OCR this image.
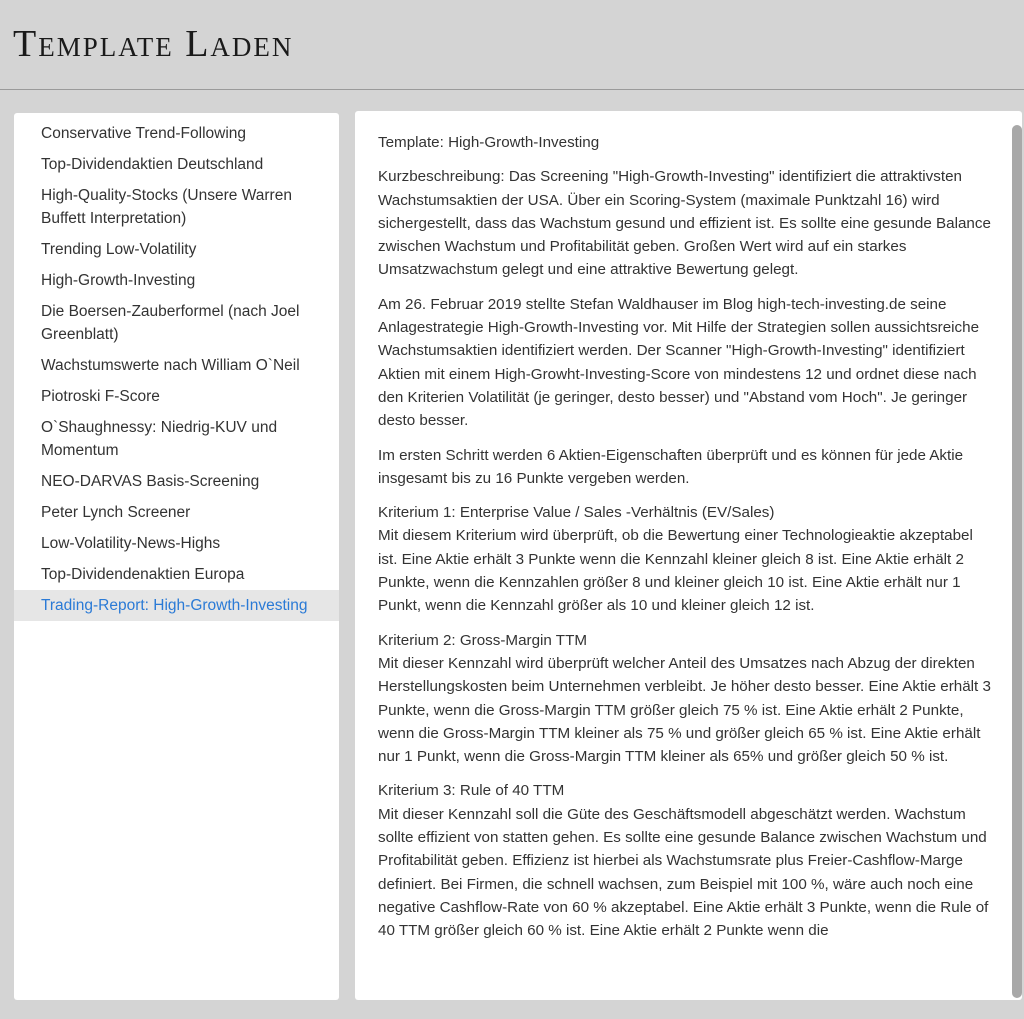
Template Laden
Conservative Trend-Following
Top-Dividendaktien Deutschland
High-Quality-Stocks (Unsere Warren Buffett Interpretation)
Trending Low-Volatility
High-Growth-Investing
Die Boersen-Zauberformel (nach Joel Greenblatt)
Wachstumswerte nach William O`Neil
Piotroski F-Score
O`Shaughnessy: Niedrig-KUV und Momentum
NEO-DARVAS Basis-Screening
Peter Lynch Screener
Low-Volatility-News-Highs
Top-Dividendenaktien Europa
Trading-Report: High-Growth-Investing

Template: High-Growth-Investing

Kurzbeschreibung: Das Screening "High-Growth-Investing" identifiziert die attraktivsten Wachstumsaktien der USA. Über ein Scoring-System (maximale Punktzahl 16) wird sichergestellt, dass das Wachstum gesund und effizient ist. Es sollte eine gesunde Balance zwischen Wachstum und Profitabilität geben. Großen Wert wird auf ein starkes Umsatzwachstum gelegt und eine attraktive Bewertung gelegt.

Am 26. Februar 2019 stellte Stefan Waldhauser im Blog high-tech-investing.de seine Anlagestrategie High-Growth-Investing vor. Mit Hilfe der Strategien sollen aussichtsreiche Wachstumsaktien identifiziert werden. Der Scanner "High-Growth-Investing" identifiziert Aktien mit einem High-Growht-Investing-Score von mindestens 12 und ordnet diese nach den Kriterien Volatilität (je geringer, desto besser) und "Abstand vom Hoch". Je geringer desto besser.

Im ersten Schritt werden 6 Aktien-Eigenschaften überprüft und es können für jede Aktie insgesamt bis zu 16 Punkte vergeben werden.

Kriterium 1: Enterprise Value / Sales -Verhältnis (EV/Sales)
Mit diesem Kriterium wird überprüft, ob die Bewertung einer Technologieaktie akzeptabel ist. Eine Aktie erhält 3 Punkte wenn die Kennzahl kleiner gleich 8 ist. Eine Aktie erhält 2 Punkte, wenn die Kennzahlen größer 8 und kleiner gleich 10 ist. Eine Aktie erhält nur 1 Punkt, wenn die Kennzahl größer als 10 und kleiner gleich 12 ist.

Kriterium 2: Gross-Margin TTM
Mit dieser Kennzahl wird überprüft welcher Anteil des Umsatzes nach Abzug der direkten Herstellungskosten beim Unternehmen verbleibt. Je höher desto besser. Eine Aktie erhält 3 Punkte, wenn die Gross-Margin TTM größer gleich 75 % ist. Eine Aktie erhält 2 Punkte, wenn die Gross-Margin TTM kleiner als 75 % und größer gleich 65 % ist. Eine Aktie erhält nur 1 Punkt, wenn die Gross-Margin TTM kleiner als 65% und größer gleich 50 % ist.

Kriterium 3: Rule of 40 TTM
Mit dieser Kennzahl soll die Güte des Geschäftsmodell abgeschätzt werden. Wachstum sollte effizient von statten gehen. Es sollte eine gesunde Balance zwischen Wachstum und Profitabilität geben. Effizienz ist hierbei als Wachstumsrate plus Freier-Cashflow-Marge definiert. Bei Firmen, die schnell wachsen, zum Beispiel mit 100 %, wäre auch noch eine negative Cashflow-Rate von 60 % akzeptabel. Eine Aktie erhält 3 Punkte, wenn die Rule of 40 TTM größer gleich 60 % ist. Eine Aktie erhält 2 Punkte wenn die
